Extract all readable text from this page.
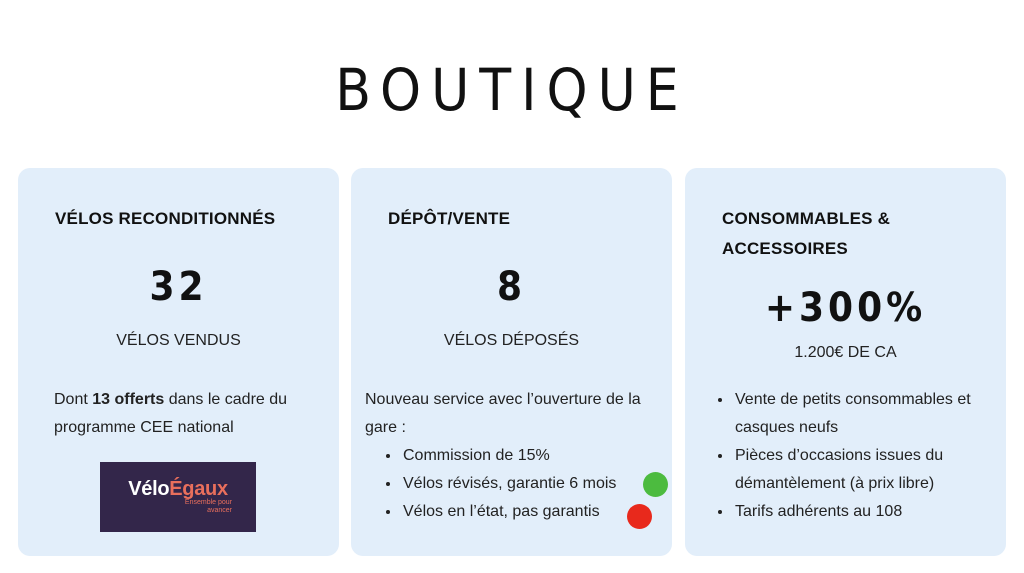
BOUTIQUE
VÉLOS RECONDITIONNÉS
32
VÉLOS VENDUS
Dont 13 offerts dans le cadre du programme CEE national
VéloÉgaux
Ensemble pour avancer
DÉPÔT/VENTE
8
VÉLOS DÉPOSÉS
Nouveau service avec l’ouverture de la gare :
• Commission de 15%
• Vélos révisés, garantie 6 mois
• Vélos en l’état, pas garantis
CONSOMMABLES & ACCESSOIRES
+300%
1.200€ DE CA
• Vente de petits consommables et casques neufs
• Pièces d’occasions issues du démantèlement (à prix libre)
• Tarifs adhérents au 108
